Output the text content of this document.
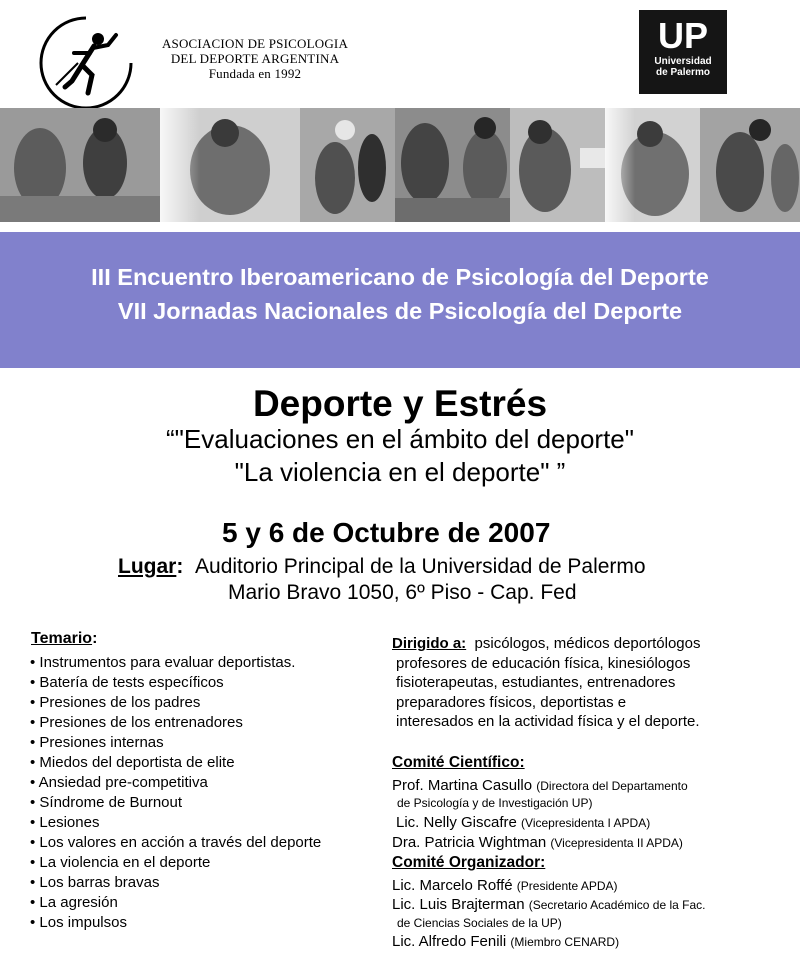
ASOCIACION DE PSICOLOGIA
DEL DEPORTE ARGENTINA
Fundada en 1992
UP
Universidad
de Palermo
III Encuentro Iberoamericano de Psicología del Deporte
VII Jornadas Nacionales de Psicología del Deporte
Deporte y Estrés
“"Evaluaciones en el ámbito del deporte"
"La violencia en el deporte" ”
5 y 6 de Octubre de 2007
Lugar: Auditorio Principal de la Universidad de Palermo
Mario Bravo 1050, 6º Piso - Cap. Fed
Temario:
• Instrumentos para evaluar deportistas.
• Batería de tests específicos
• Presiones de los padres
• Presiones de los entrenadores
• Presiones internas
• Miedos del deportista de elite
• Ansiedad pre-competitiva
• Síndrome de Burnout
• Lesiones
• Los valores en acción a través del deporte
• La violencia en el deporte
• Los barras bravas
• La agresión
• Los impulsos
Dirigido a: psicólogos, médicos deportólogos
profesores de educación física, kinesiólogos
fisioterapeutas, estudiantes, entrenadores
preparadores físicos, deportistas e
interesados en la actividad física y el deporte.
Comité Científico:
Prof. Martina Casullo (Directora del Departamento
de Psicología y de Investigación UP)
Lic. Nelly Giscafre (Vicepresidenta I APDA)
Dra. Patricia Wightman (Vicepresidenta II APDA)
Comité Organizador:
Lic. Marcelo Roffé (Presidente APDA)
Lic. Luis Brajterman (Secretario Académico de la Fac.
de Ciencias Sociales de la UP)
Lic. Alfredo Fenili (Miembro CENARD)
